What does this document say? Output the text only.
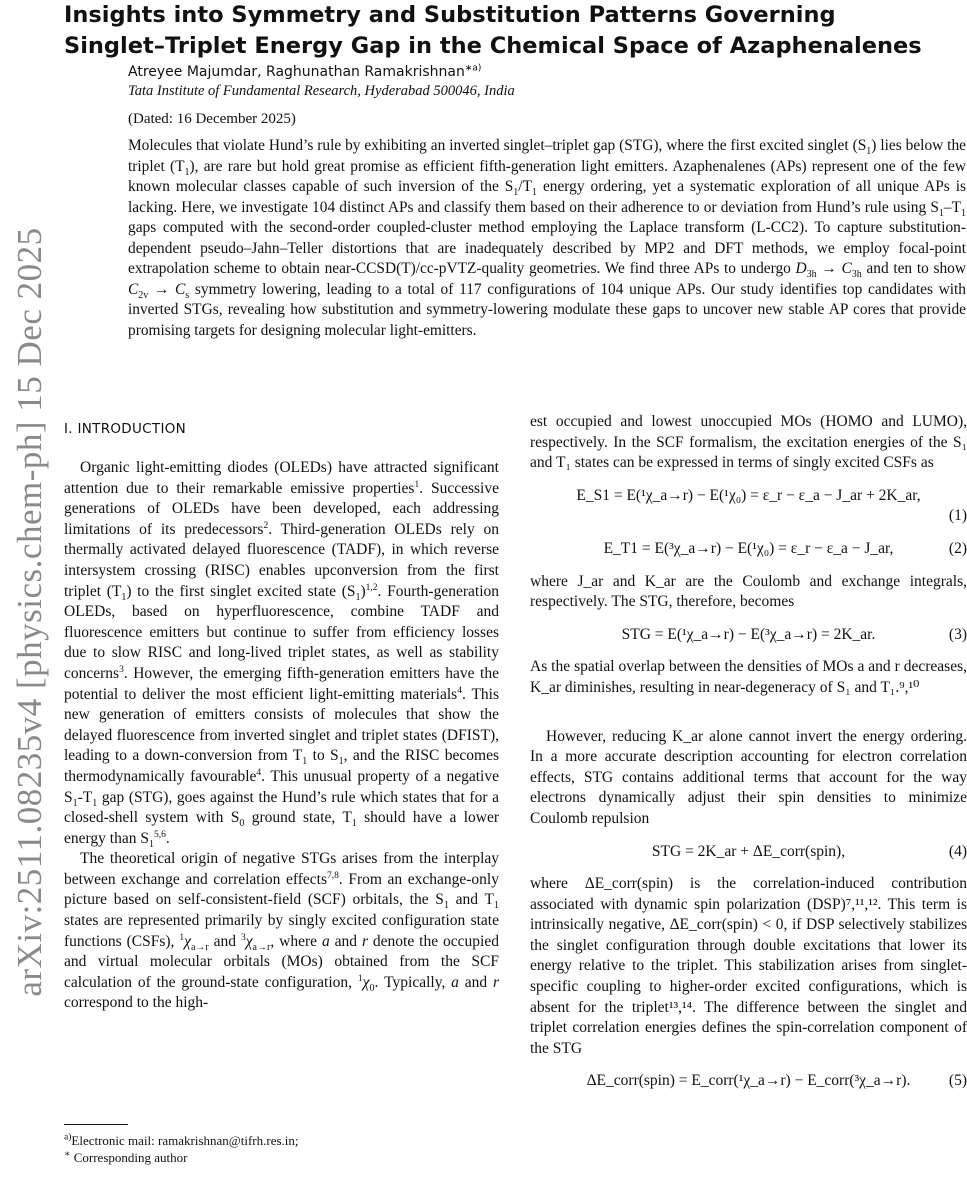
arXiv:2511.08235v4 [physics.chem-ph] 15 Dec 2025
Insights into Symmetry and Substitution Patterns Governing
Singlet–Triplet Energy Gap in the Chemical Space of Azaphenalenes
Atreyee Majumdar, Raghunathan Ramakrishnan$^{∗a)}$
Tata Institute of Fundamental Research, Hyderabad 500046, India
(Dated: 16 December 2025)

Molecules that violate Hund’s rule by exhibiting an inverted singlet–triplet gap (STG), where the first excited singlet $(S_1)$ lies below the triplet $(T_1)$, are rare but hold great promise as efficient fifth-generation light emitters. Azaphenalenes (APs) represent one of the few known molecular classes capable of such inversion of the $S_1/T_1$ energy ordering, yet a systematic exploration of all unique APs is lacking. Here, we investigate 104 distinct APs and classify them based on their adherence to or deviation from Hund’s rule using $S_1-T_1$ gaps computed with the second-order coupled-cluster method employing the Laplace transform (L-CC2). To capture substitution-dependent pseudo–Jahn–Teller distortions that are inadequately described by MP2 and DFT methods, we employ focal-point extrapolation scheme to obtain near-CCSD(T)/cc-pVTZ-quality geometries. We find three APs to undergo $D_{3h} \to C_{3h}$ and ten to show $C_{2v} \to C_s$ symmetry lowering, leading to a total of 117 configurations of 104 unique APs. Our study identifies top candidates with inverted STGs, revealing how substitution and symmetry-lowering modulate these gaps to uncover new stable AP cores that provide promising targets for designing molecular light-emitters.

I. INTRODUCTION

Organic light-emitting diodes (OLEDs) have attracted significant attention due to their remarkable emissive properties$^1$. Successive generations of OLEDs have been developed, each addressing limitations of its predecessors$^2$. Third-generation OLEDs rely on thermally activated delayed fluorescence (TADF), in which reverse intersystem crossing (RISC) enables upconversion from the first triplet $(T_1)$ to the first singlet excited state $(S_1)^{1,2}$. Fourth-generation OLEDs, based on hyperfluorescence, combine TADF and fluorescence emitters but continue to suffer from efficiency losses due to slow RISC and long-lived triplet states, as well as stability concerns$^3$. However, the emerging fifth-generation emitters have the potential to deliver the most efficient light-emitting materials$^4$. This new generation of emitters consists of molecules that show the delayed fluorescence from inverted singlet and triplet states (DFIST), leading to a down-conversion from $T_1$ to $S_1$, and the RISC becomes thermodynamically favourable$^4$. This unusual property of a negative $S_1-T_1$ gap (STG), goes against the Hund’s rule which states that for a closed-shell system with $S_0$ ground state, $T_1$ should have a lower energy than $S_1^{5,6}$.

The theoretical origin of negative STGs arises from the interplay between exchange and correlation effects$^{7,8}$. From an exchange-only picture based on self-consistent-field (SCF) orbitals, the $S_1$ and $T_1$ states are represented primarily by singly excited configuration state functions (CSFs), $^1\chi_{a\to r}$ and $^3\chi_{a\to r}$, where a and r denote the occupied and virtual molecular orbitals (MOs) obtained from the SCF calculation of the ground-state configuration, $^1\chi_0$. Typically, a and r correspond to the high-

est occupied and lowest unoccupied MOs (HOMO and LUMO), respectively. In the SCF formalism, the excitation energies of the S₁ and T₁ states can be expressed in terms of singly excited CSFs as

E_S1 = E(¹χ_a→r) − E(¹χ₀) = ε_r − ε_a − J_ar + 2K_ar,
(1)
E_T1 = E(³χ_a→r) − E(¹χ₀) = ε_r − ε_a − J_ar,	(2)

where J_ar and K_ar are the Coulomb and exchange integrals, respectively. The STG, therefore, becomes

STG = E(¹χ_a→r) − E(³χ_a→r) = 2K_ar.	(3)

As the spatial overlap between the densities of MOs a and r decreases, K_ar diminishes, resulting in near-degeneracy of S₁ and T₁.⁹,¹⁰

However, reducing K_ar alone cannot invert the energy ordering. In a more accurate description accounting for electron correlation effects, STG contains additional terms that account for the way electrons dynamically adjust their spin densities to minimize Coulomb repulsion

STG = 2K_ar + ΔE_corr(spin),	(4)

where ΔE_corr(spin) is the correlation-induced contribution associated with dynamic spin polarization (DSP)⁷,¹¹,¹². This term is intrinsically negative, ΔE_corr(spin) < 0, if DSP selectively stabilizes the singlet configuration through double excitations that lower its energy relative to the triplet. This stabilization arises from singlet-specific coupling to higher-order excited configurations, which is absent for the triplet¹³,¹⁴. The difference between the singlet and triplet correlation energies defines the spin-correlation component of the STG

ΔE_corr(spin) = E_corr(¹χ_a→r) − E_corr(³χ_a→r). (5)
$^{a)}$Electronic mail: ramakrishnan@tifrh.res.in;
∗ Corresponding author
